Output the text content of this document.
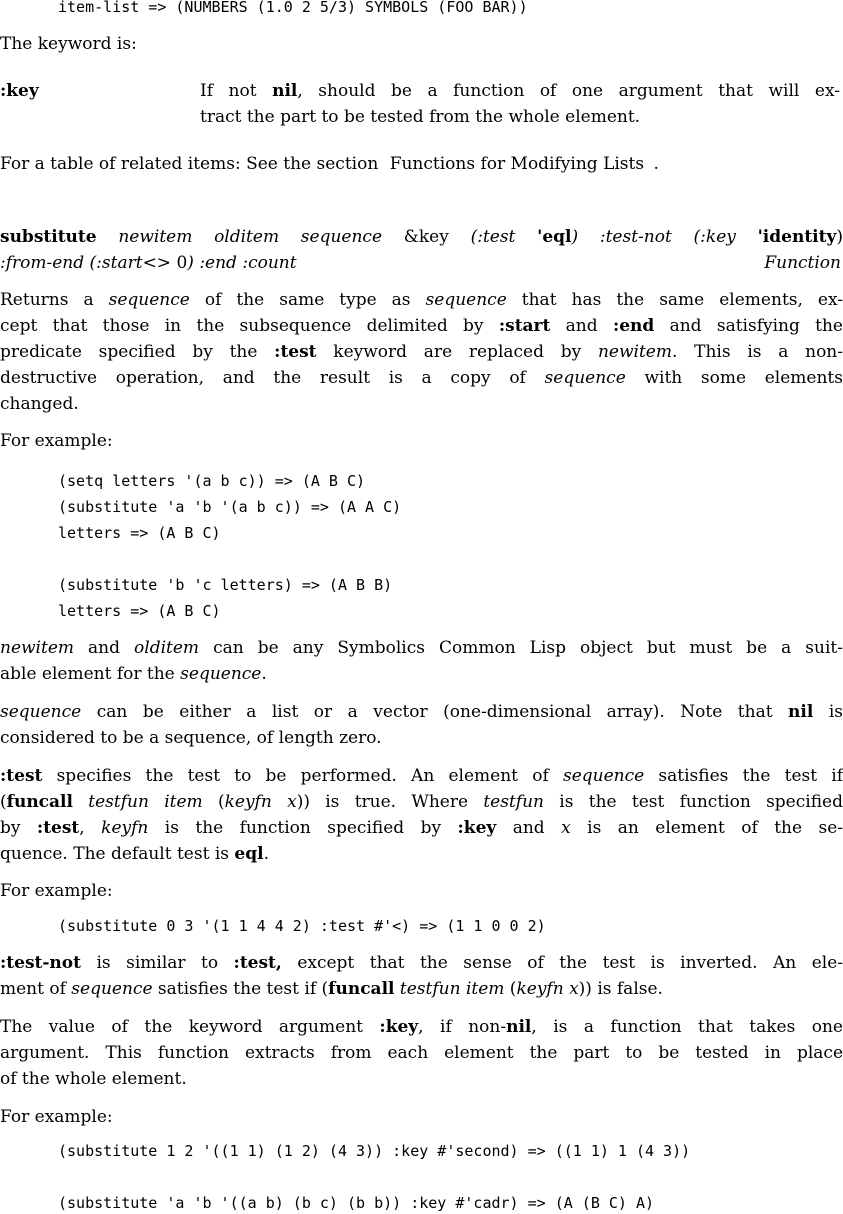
item-list => (NUMBERS (1.0 2 5/3) SYMBOLS (FOO BAR))
The keyword is:
:key	If not nil, should be a function of one argument that will ex-
tract the part to be tested from the whole element.
For a table of related items: See the section Functions for Modifying Lists .
substitute newitem olditem sequence &key (:test 'eql) :test-not (:key 'identity)
:from-end (:start<> 0) :end :count	Function
Returns a sequence of the same type as sequence that has the same elements, ex-
cept that those in the subsequence delimited by :start and :end and satisfying the
predicate specified by the :test keyword are replaced by newitem. This is a non-
destructive operation, and the result is a copy of sequence with some elements
changed.
For example:
(setq letters '(a b c)) => (A B C)
(substitute 'a 'b '(a b c)) => (A A C)
letters => (A B C)
(substitute 'b 'c letters) => (A B B)
letters => (A B C)
newitem and olditem can be any Symbolics Common Lisp object but must be a suit-
able element for the sequence.
sequence can be either a list or a vector (one-dimensional array). Note that nil is
considered to be a sequence, of length zero.
:test specifies the test to be performed. An element of sequence satisfies the test if
(funcall testfun item (keyfn x)) is true. Where testfun is the test function specified
by :test, keyfn is the function specified by :key and x is an element of the se-
quence. The default test is eql.
For example:
(substitute 0 3 '(1 1 4 4 2) :test #'<) => (1 1 0 0 2)
:test-not is similar to :test, except that the sense of the test is inverted. An ele-
ment of sequence satisfies the test if (funcall testfun item (keyfn x)) is false.
The value of the keyword argument :key, if non-nil, is a function that takes one
argument. This function extracts from each element the part to be tested in place
of the whole element.
For example:
(substitute 1 2 '((1 1) (1 2) (4 3)) :key #'second) => ((1 1) 1 (4 3))
(substitute 'a 'b '((a b) (b c) (b b)) :key #'cadr) => (A (B C) A)
